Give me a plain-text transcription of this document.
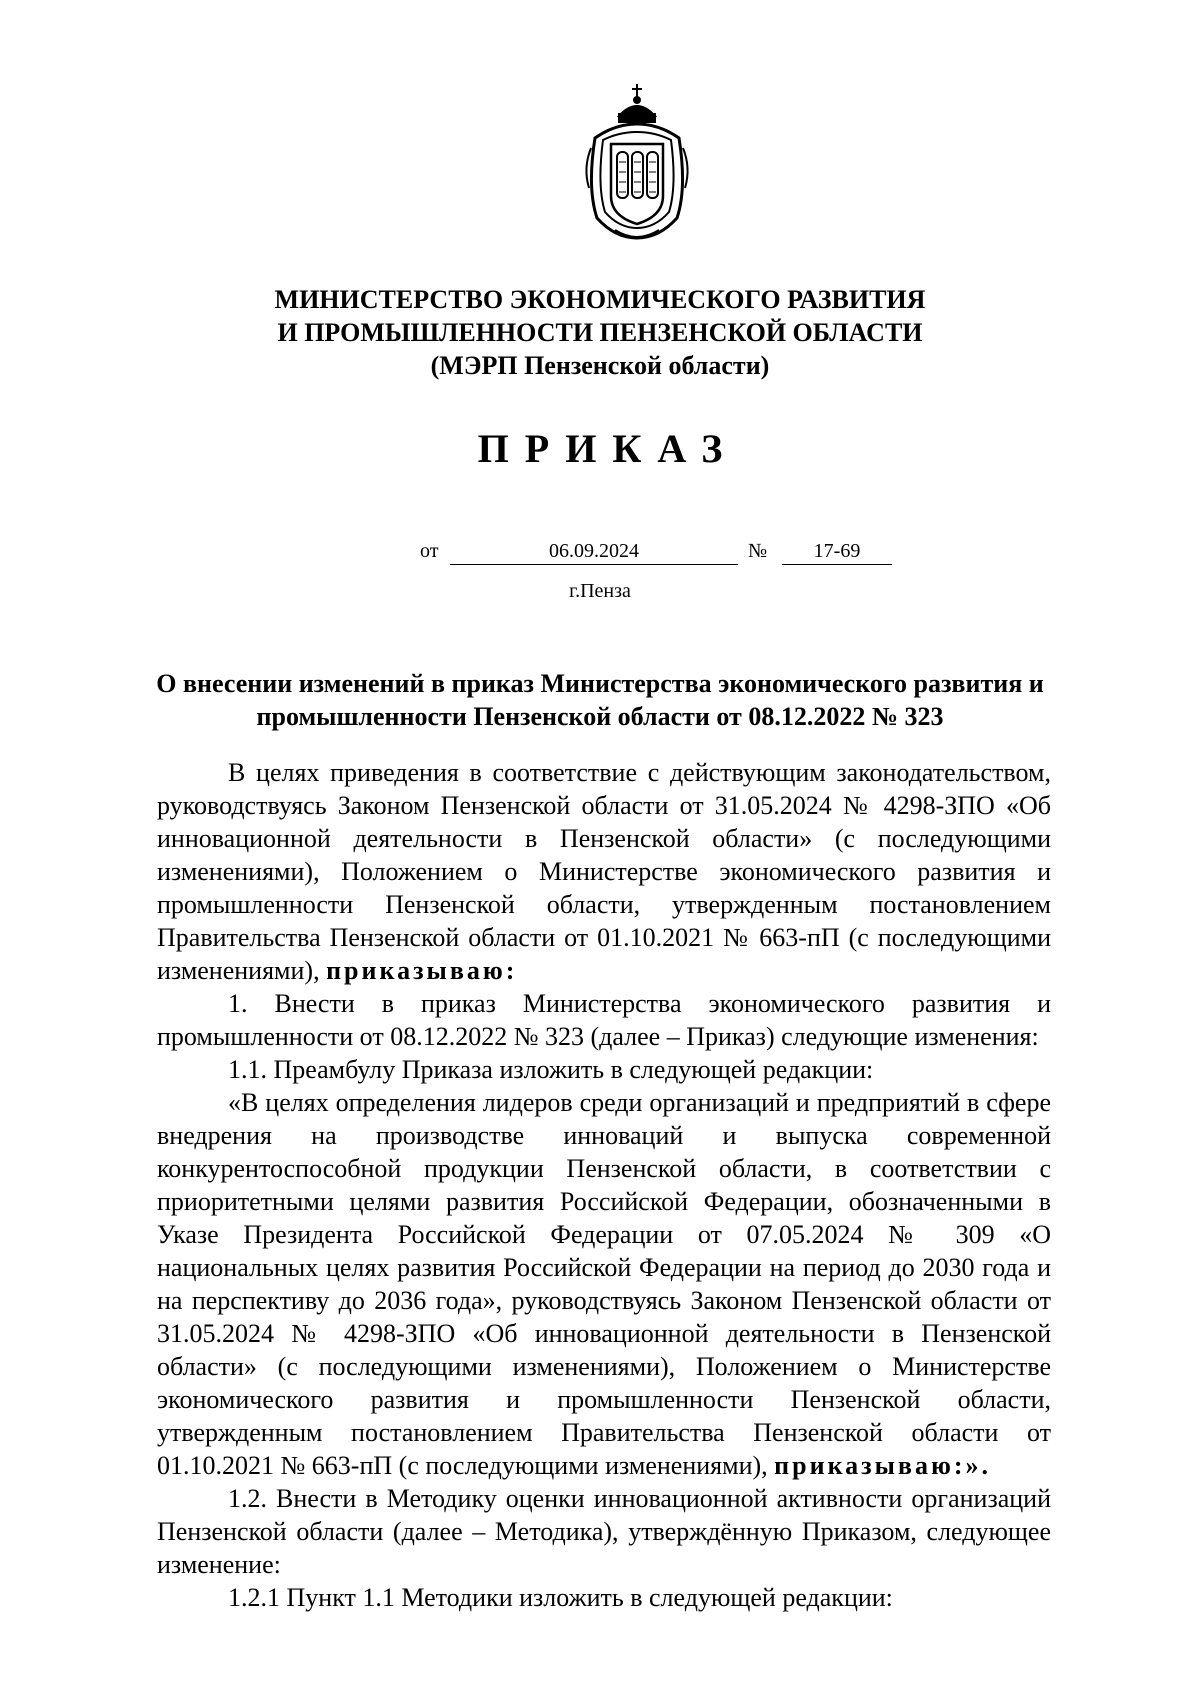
МИНИСТЕРСТВО ЭКОНОМИЧЕСКОГО РАЗВИТИЯ
И ПРОМЫШЛЕННОСТИ ПЕНЗЕНСКОЙ ОБЛАСТИ
(МЭРП Пензенской области)
ПРИКАЗ
от	06.09.2024	№	17-69
г.Пенза
О внесении изменений в приказ Министерства экономического развития и
промышленности Пензенской области от 08.12.2022 № 323

В целях приведения в соответствие с действующим законодательством, руководствуясь Законом Пензенской области от 31.05.2024 № 4298-ЗПО «Об инновационной деятельности в Пензенской области» (с последующими изменениями), Положением о Министерстве экономического развития и промышленности Пензенской области, утвержденным постановлением Правительства Пензенской области от 01.10.2021 № 663-пП (с последующими изменениями), приказываю:

1. Внести в приказ Министерства экономического развития и промышленности от 08.12.2022 № 323 (далее – Приказ) следующие изменения:

1.1. Преамбулу Приказа изложить в следующей редакции:

«В целях определения лидеров среди организаций и предприятий в сфере внедрения на производстве инноваций и выпуска современной конкурентоспособной продукции Пензенской области, в соответствии с приоритетными целями развития Российской Федерации, обозначенными в Указе Президента Российской Федерации от 07.05.2024 № 309 «О национальных целях развития Российской Федерации на период до 2030 года и на перспективу до 2036 года», руководствуясь Законом Пензенской области от 31.05.2024 № 4298-ЗПО «Об инновационной деятельности в Пензенской области» (с последующими изменениями), Положением о Министерстве экономического развития и промышленности Пензенской области, утвержденным постановлением Правительства Пензенской области от 01.10.2021 № 663-пП (с последующими изменениями), приказываю:».

1.2. Внести в Методику оценки инновационной активности организаций Пензенской области (далее – Методика), утверждённую Приказом, следующее изменение:

1.2.1 Пункт 1.1 Методики изложить в следующей редакции:
